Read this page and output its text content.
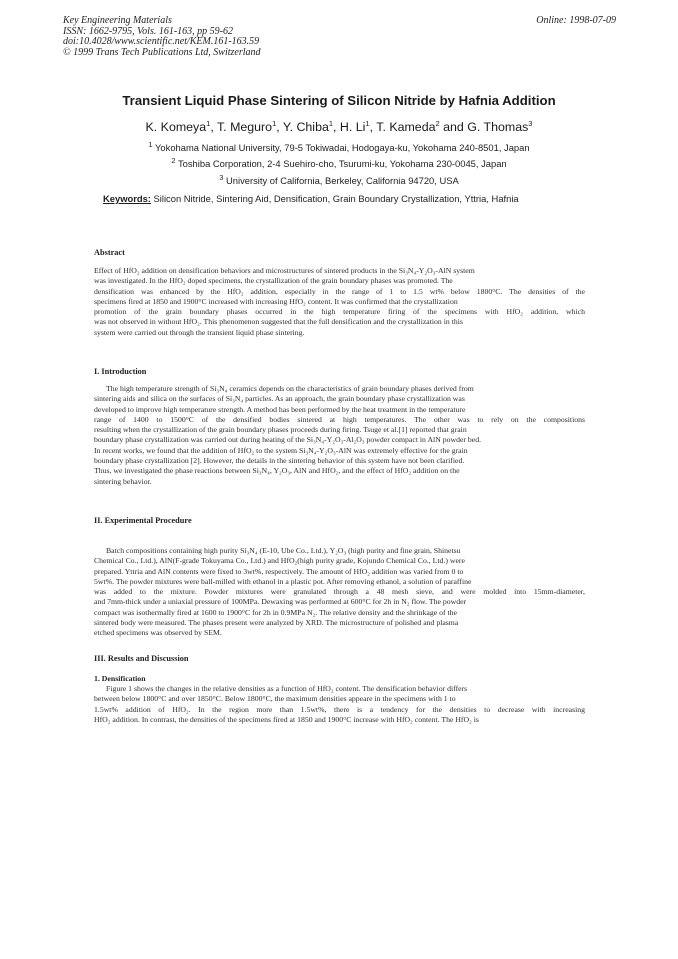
Key Engineering Materials
ISSN: 1662-9795, Vols. 161-163, pp 59-62
doi:10.4028/www.scientific.net/KEM.161-163.59
© 1999 Trans Tech Publications Ltd, Switzerland
Online: 1998-07-09
Transient Liquid Phase Sintering of Silicon Nitride by Hafnia Addition
K. Komeya$^1$, T. Meguro$^1$, Y. Chiba$^1$, H. Li$^1$, T. Kameda$^2$ and G. Thomas$^3$
$^1$ Yokohama National University, 79-5 Tokiwadai, Hodogaya-ku, Yokohama 240-8501, Japan
$^2$ Toshiba Corporation, 2-4 Suehiro-cho, Tsurumi-ku, Yokohama 230-0045, Japan
$^3$ University of California, Berkeley, California 94720, USA
Keywords: Silicon Nitride, Sintering Aid, Densification, Grain Boundary Crystallization, Yttria, Hafnia
Abstract
Effect of HfO₂ addition on densification behaviors and microstructures of sintered products in the Si₃N₄-Y₂O₃-AlN system
was investigated. In the HfO₂ doped specimens, the crystallization of the grain boundary phases was promoted. The
densification was enhanced by the HfO₂ addition, especially in the range of 1 to 1.5 wt% below 1800°C. The densities of the
specimens fired at 1850 and 1900°C increased with increasing HfO₂ content. It was confirmed that the crystallization
promotion of the grain boundary phases occurred in the high temperature firing of the specimens with HfO₂ addition, which
was not observed in without HfO₂. This phenomenon suggested that the full densification and the crystallization in this
system were carried out through the transient liquid phase sintering.
I. Introduction
The high temperature strength of Si₃N₄ ceramics depends on the characteristics of grain boundary phases derived from
sintering aids and silica on the surfaces of Si₃N₄ particles. As an approach, the grain boundary phase crystallization was
developed to improve high temperature strength. A method has been performed by the heat treatment in the temperature
range of 1400 to 1500°C of the densified bodies sintered at high temperatures. The other was to rely on the compositions
resulting when the crystallization of the grain boundary phases proceeds during firing. Tsuge et al.[1] reported that grain
boundary phase crystallization was carried out during heating of the Si₃N₄-Y₂O₃-Al₂O₃ powder compact in AlN powder bed.
In recent works, we found that the addition of HfO₂ to the system Si₃N₄-Y₂O₃-AlN was extremely effective for the grain
boundary phase crystallization [2]. However, the details in the sintering behavior of this system have not been clarified.
Thus, we investigated the phase reactions between Si₃N₄, Y₂O₃, AlN and HfO₂, and the effect of HfO₂ addition on the
sintering behavior.
II. Experimental Procedure
Batch compositions containing high purity Si₃N₄ (E-10, Ube Co., Ltd.), Y₂O₃ (high purity and fine grain, Shinetsu
Chemical Co., Ltd.), AlN(F-grade Tokuyama Co., Ltd.) and HfO₂(high purity grade, Kojundo Chemical Co., Ltd.) were
prepared. Yttria and AlN contents were fixed to 3wt%, respectively. The amount of HfO₂ addition was varied from 0 to
5wt%. The powder mixtures were ball-milled with ethanol in a plastic pot. After removing ethanol, a solution of paraffine
was added to the mixture. Powder mixtures were granulated through a 48 mesh sieve, and were molded into 15mm-diameter,
and 7mm-thick under a uniaxial pressure of 100MPa. Dewaxing was performed at 600°C for 2h in N₂ flow. The powder
compact was isothermally fired at 1600 to 1900°C for 2h in 0.9MPa N₂. The relative density and the shrinkage of the
sintered body were measured. The phases present were analyzed by XRD. The microstructure of polished and plasma
etched specimens was observed by SEM.
III. Results and Discussion
1. Densification
Figure 1 shows the changes in the relative densities as a function of HfO₂ content. The densification behavior differs
between below 1800°C and over 1850°C. Below 1800°C, the maximum densities appeare in the specimens with 1 to
1.5wt% addition of HfO₂. In the region more than 1.5wt%, there is a tendency for the densities to decrease with increasing
HfO₂ addition. In contrast, the densities of the specimens fired at 1850 and 1900°C increase with HfO₂ content. The HfO₂ is
